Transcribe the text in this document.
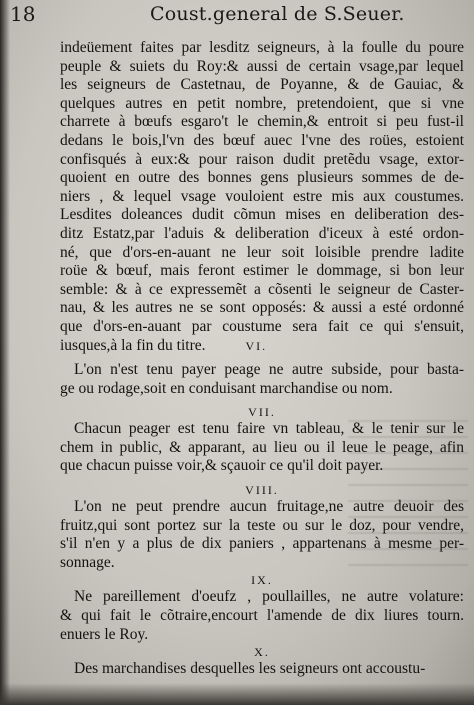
18	Coust.general de S.Seuer.
indeüement faites par lesditz seigneurs, à la foulle du poure
peuple & suiets du Roy:& aussi de certain vsage,par lequel
les seigneurs de Castetnau, de Poyanne, & de Gauiac, &
quelques autres en petit nombre, pretendoient, que si vne
charrete à bœufs esgaro't le chemin,& entroit si peu fust-il
dedans le bois,l'vn des bœuf auec l'vne des roües, estoient
confisqués à eux:& pour raison dudit pretẽdu vsage, extor-
quoient en outre des bonnes gens plusieurs sommes de de-
niers , & lequel vsage vouloient estre mis aux coustumes.
Lesdites doleances dudit cõmun mises en deliberation des-
ditz Estatz,par l'aduis & deliberation d'iceux à esté ordon-
né, que d'ors-en-auant ne leur soit loisible prendre ladite
roüe & bœuf, mais feront estimer le dommage, si bon leur
semble: & à ce expressemẽt a cõsenti le seigneur de Caster-
nau, & les autres ne se sont opposés: & aussi a esté ordonné
que d'ors-en-auant par coustume sera fait ce qui s'ensuit,
iusques,à la fin du titre.	VI.
L'on n'est tenu payer peage ne autre subside, pour basta-
ge ou rodage,soit en conduisant marchandise ou nom.
VII.
Chacun peager est tenu faire vn tableau, & le tenir sur le
chem in public, & apparant, au lieu ou il leue le peage, afin
que chacun puisse voir,& sçauoir ce qu'il doit payer.
VIII.
L'on ne peut prendre aucun fruitage,ne autre deuoir des
fruitz,qui sont portez sur la teste ou sur le doz, pour vendre,
s'il n'en y a plus de dix paniers , appartenans à mesme per-
sonnage.
IX.
Ne pareillement d'oeufz , poullailles, ne autre volature:
& qui fait le cõtraire,encourt l'amende de dix liures tourn.
enuers le Roy.
X.
Des marchandises desquelles les seigneurs ont accoustu-
